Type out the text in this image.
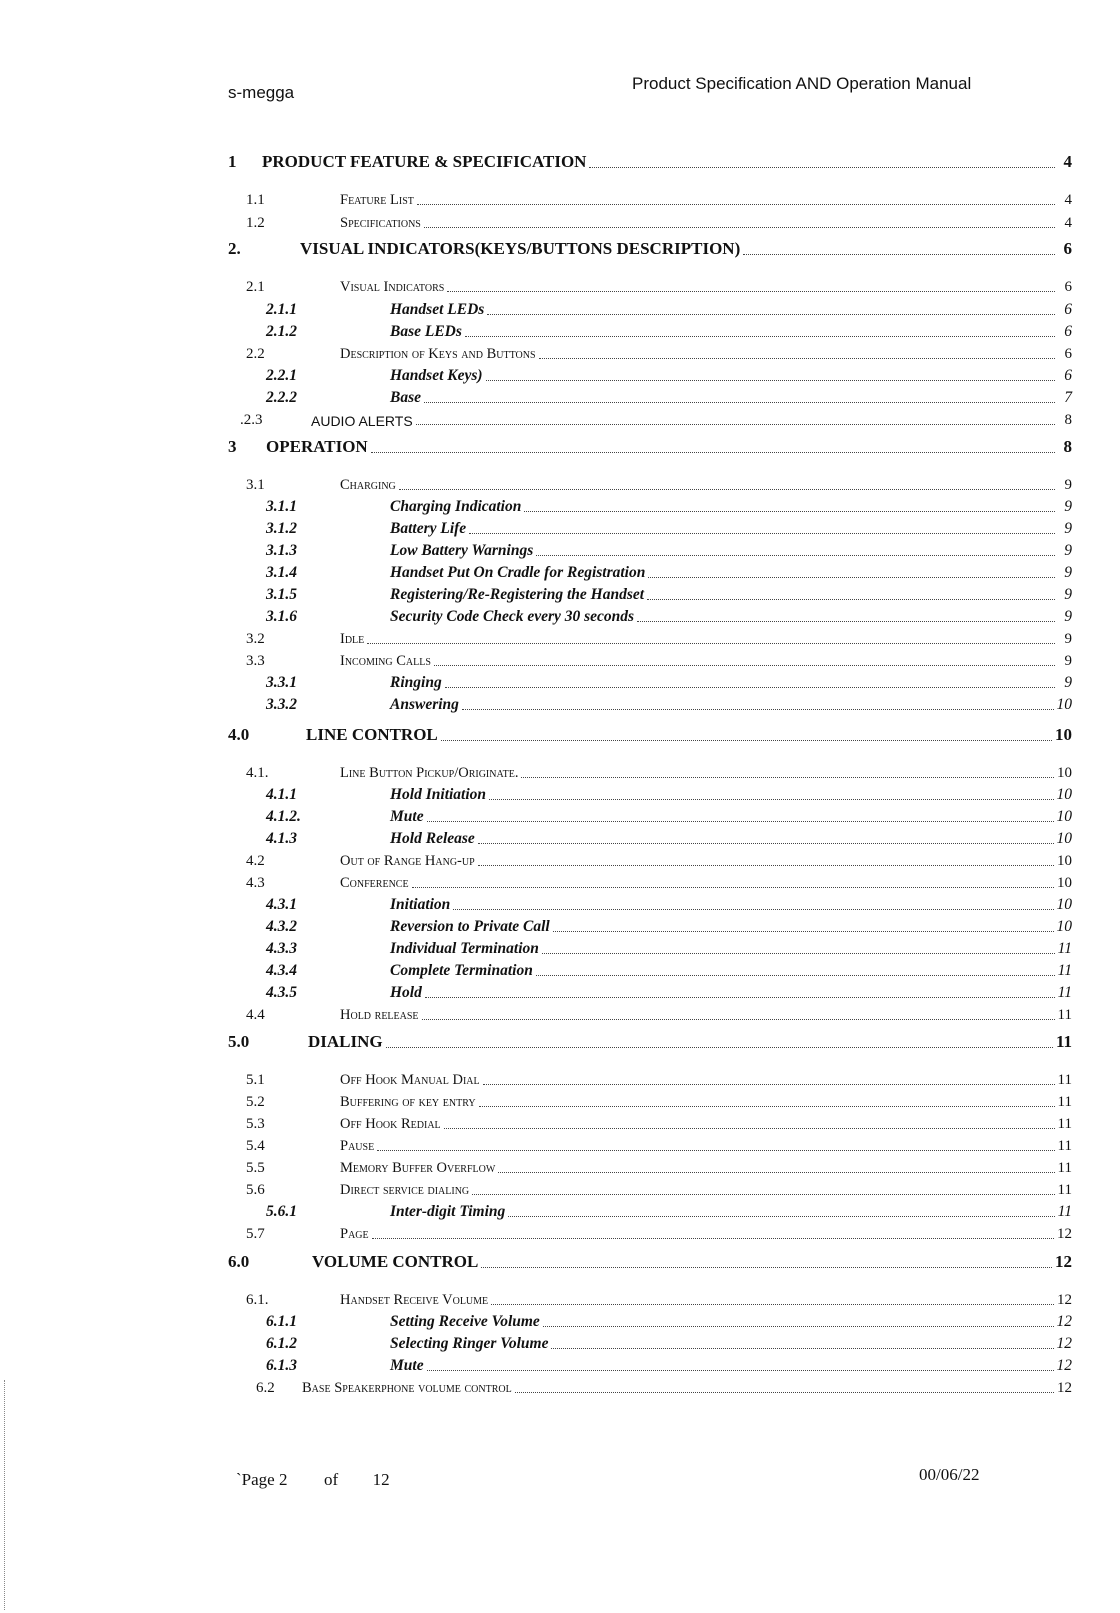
s-megga	Product Specification AND Operation Manual
1 PRODUCT FEATURE & SPECIFICATION	4
1.1	Feature List	4
1.2	Specifications	4
2.	VISUAL INDICATORS(KEYS/BUTTONS DESCRIPTION)	6
2.1	Visual Indicators	6
2.1.1	Handset LEDs	6
2.1.2	Base LEDs	6
2.2	Description of Keys and Buttons	6
2.2.1	Handset Keys)	6
2.2.2	Base	7
.2.3	AUDIO ALERTS	8
3 OPERATION	8
3.1	Charging	9
3.1.1	Charging Indication	9
3.1.2	Battery Life	9
3.1.3	Low Battery Warnings	9
3.1.4	Handset Put On Cradle for Registration	9
3.1.5	Registering/Re-Registering the Handset	9
3.1.6	Security Code Check every 30 seconds	9
3.2	Idle	9
3.3	Incoming Calls	9
3.3.1	Ringing	9
3.3.2	Answering	10
4.0	LINE CONTROL	10
4.1.	Line Button Pickup/Originate.	10
4.1.1	Hold Initiation	10
4.1.2.	Mute	10
4.1.3	Hold Release	10
4.2	Out of Range Hang-up	10
4.3	Conference	10
4.3.1	Initiation	10
4.3.2	Reversion to Private Call	10
4.3.3	Individual Termination	11
4.3.4	Complete Termination	11
4.3.5	Hold	11
4.4	Hold release	11
5.0	DIALING	11
5.1	Off Hook Manual Dial	11
5.2	Buffering of key entry	11
5.3	Off Hook Redial	11
5.4	Pause	11
5.5	Memory Buffer Overflow	11
5.6	Direct service dialing	11
5.6.1	Inter-digit Timing	11
5.7	Page	12
6.0	VOLUME CONTROL	12
6.1.	Handset Receive Volume	12
6.1.1	Setting Receive Volume	12
6.1.2	Selecting Ringer Volume	12
6.1.3	Mute	12
6.2 Base Speakerphone volume control	12
`Page 2 of 12	00/06/22
